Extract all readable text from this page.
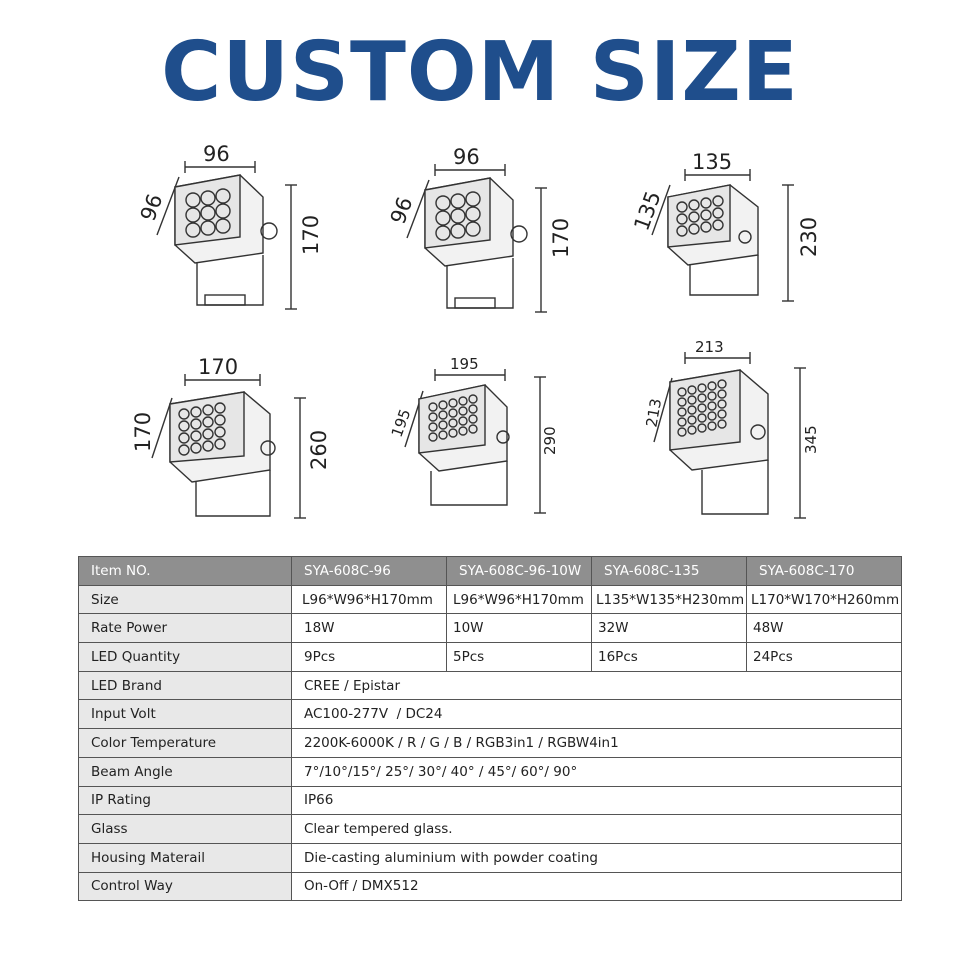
CUSTOM SIZE
96
96
170
96
96
170
135
135
230
170
170	260
195
195
290
213
213
345
Item NO.	SYA-608C-96	SYA-608C-96-10W	SYA-608C-135	SYA-608C-170
Size	L96*W96*H170mm	L96*W96*H170mm	L135*W135*H230mm	L170*W170*H260mm
Rate Power	18W	10W	32W	48W
LED Quantity	9Pcs	5Pcs	16Pcs	24Pcs
LED Brand	CREE / Epistar			
Input Volt	AC100-277V  / DC24			
Color Temperature	2200K-6000K / R / G / B / RGB3in1 / RGBW4in1			
Beam Angle	7°/10°/15°/ 25°/ 30°/ 40° / 45°/ 60°/ 90°			
IP Rating	IP66			
Glass	Clear tempered glass.			
Housing Materail	Die-casting aluminium with powder coating			
Control Way	On-Off / DMX512			
